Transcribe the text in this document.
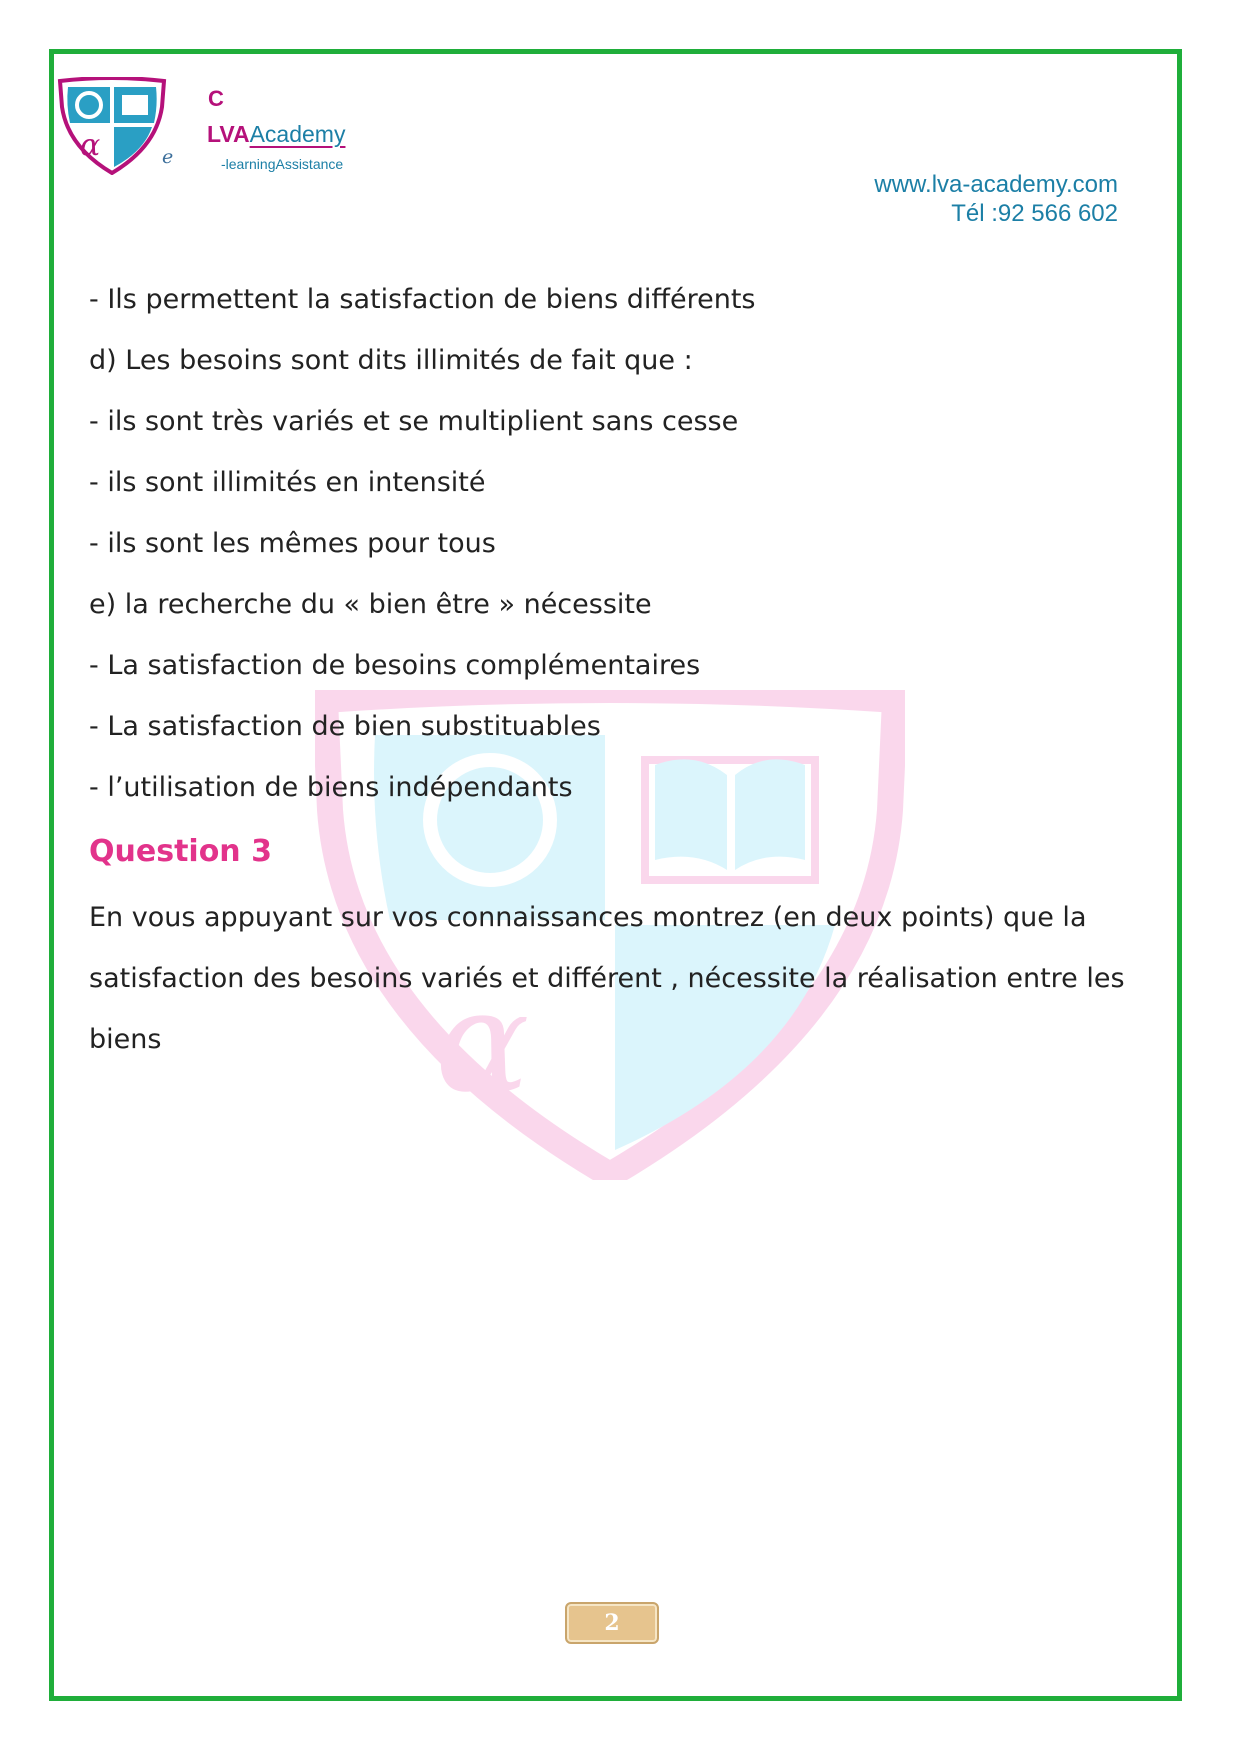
α
α	e
C
LVAAcademy
-learningAssistance
www.lva-academy.com
Tél :92 566 602
- Ils permettent la satisfaction de biens différents
d) Les besoins sont dits illimités de fait que :
- ils sont très variés et se multiplient sans cesse
- ils sont illimités en intensité
- ils sont les mêmes pour tous
e) la recherche du « bien être » nécessite
- La satisfaction de besoins complémentaires
- La satisfaction de bien substituables
- l’utilisation de biens indépendants
Question 3
En vous appuyant sur vos connaissances montrez (en deux points) que la satisfaction des besoins variés et différent , nécessite la réalisation entre les biens
2
